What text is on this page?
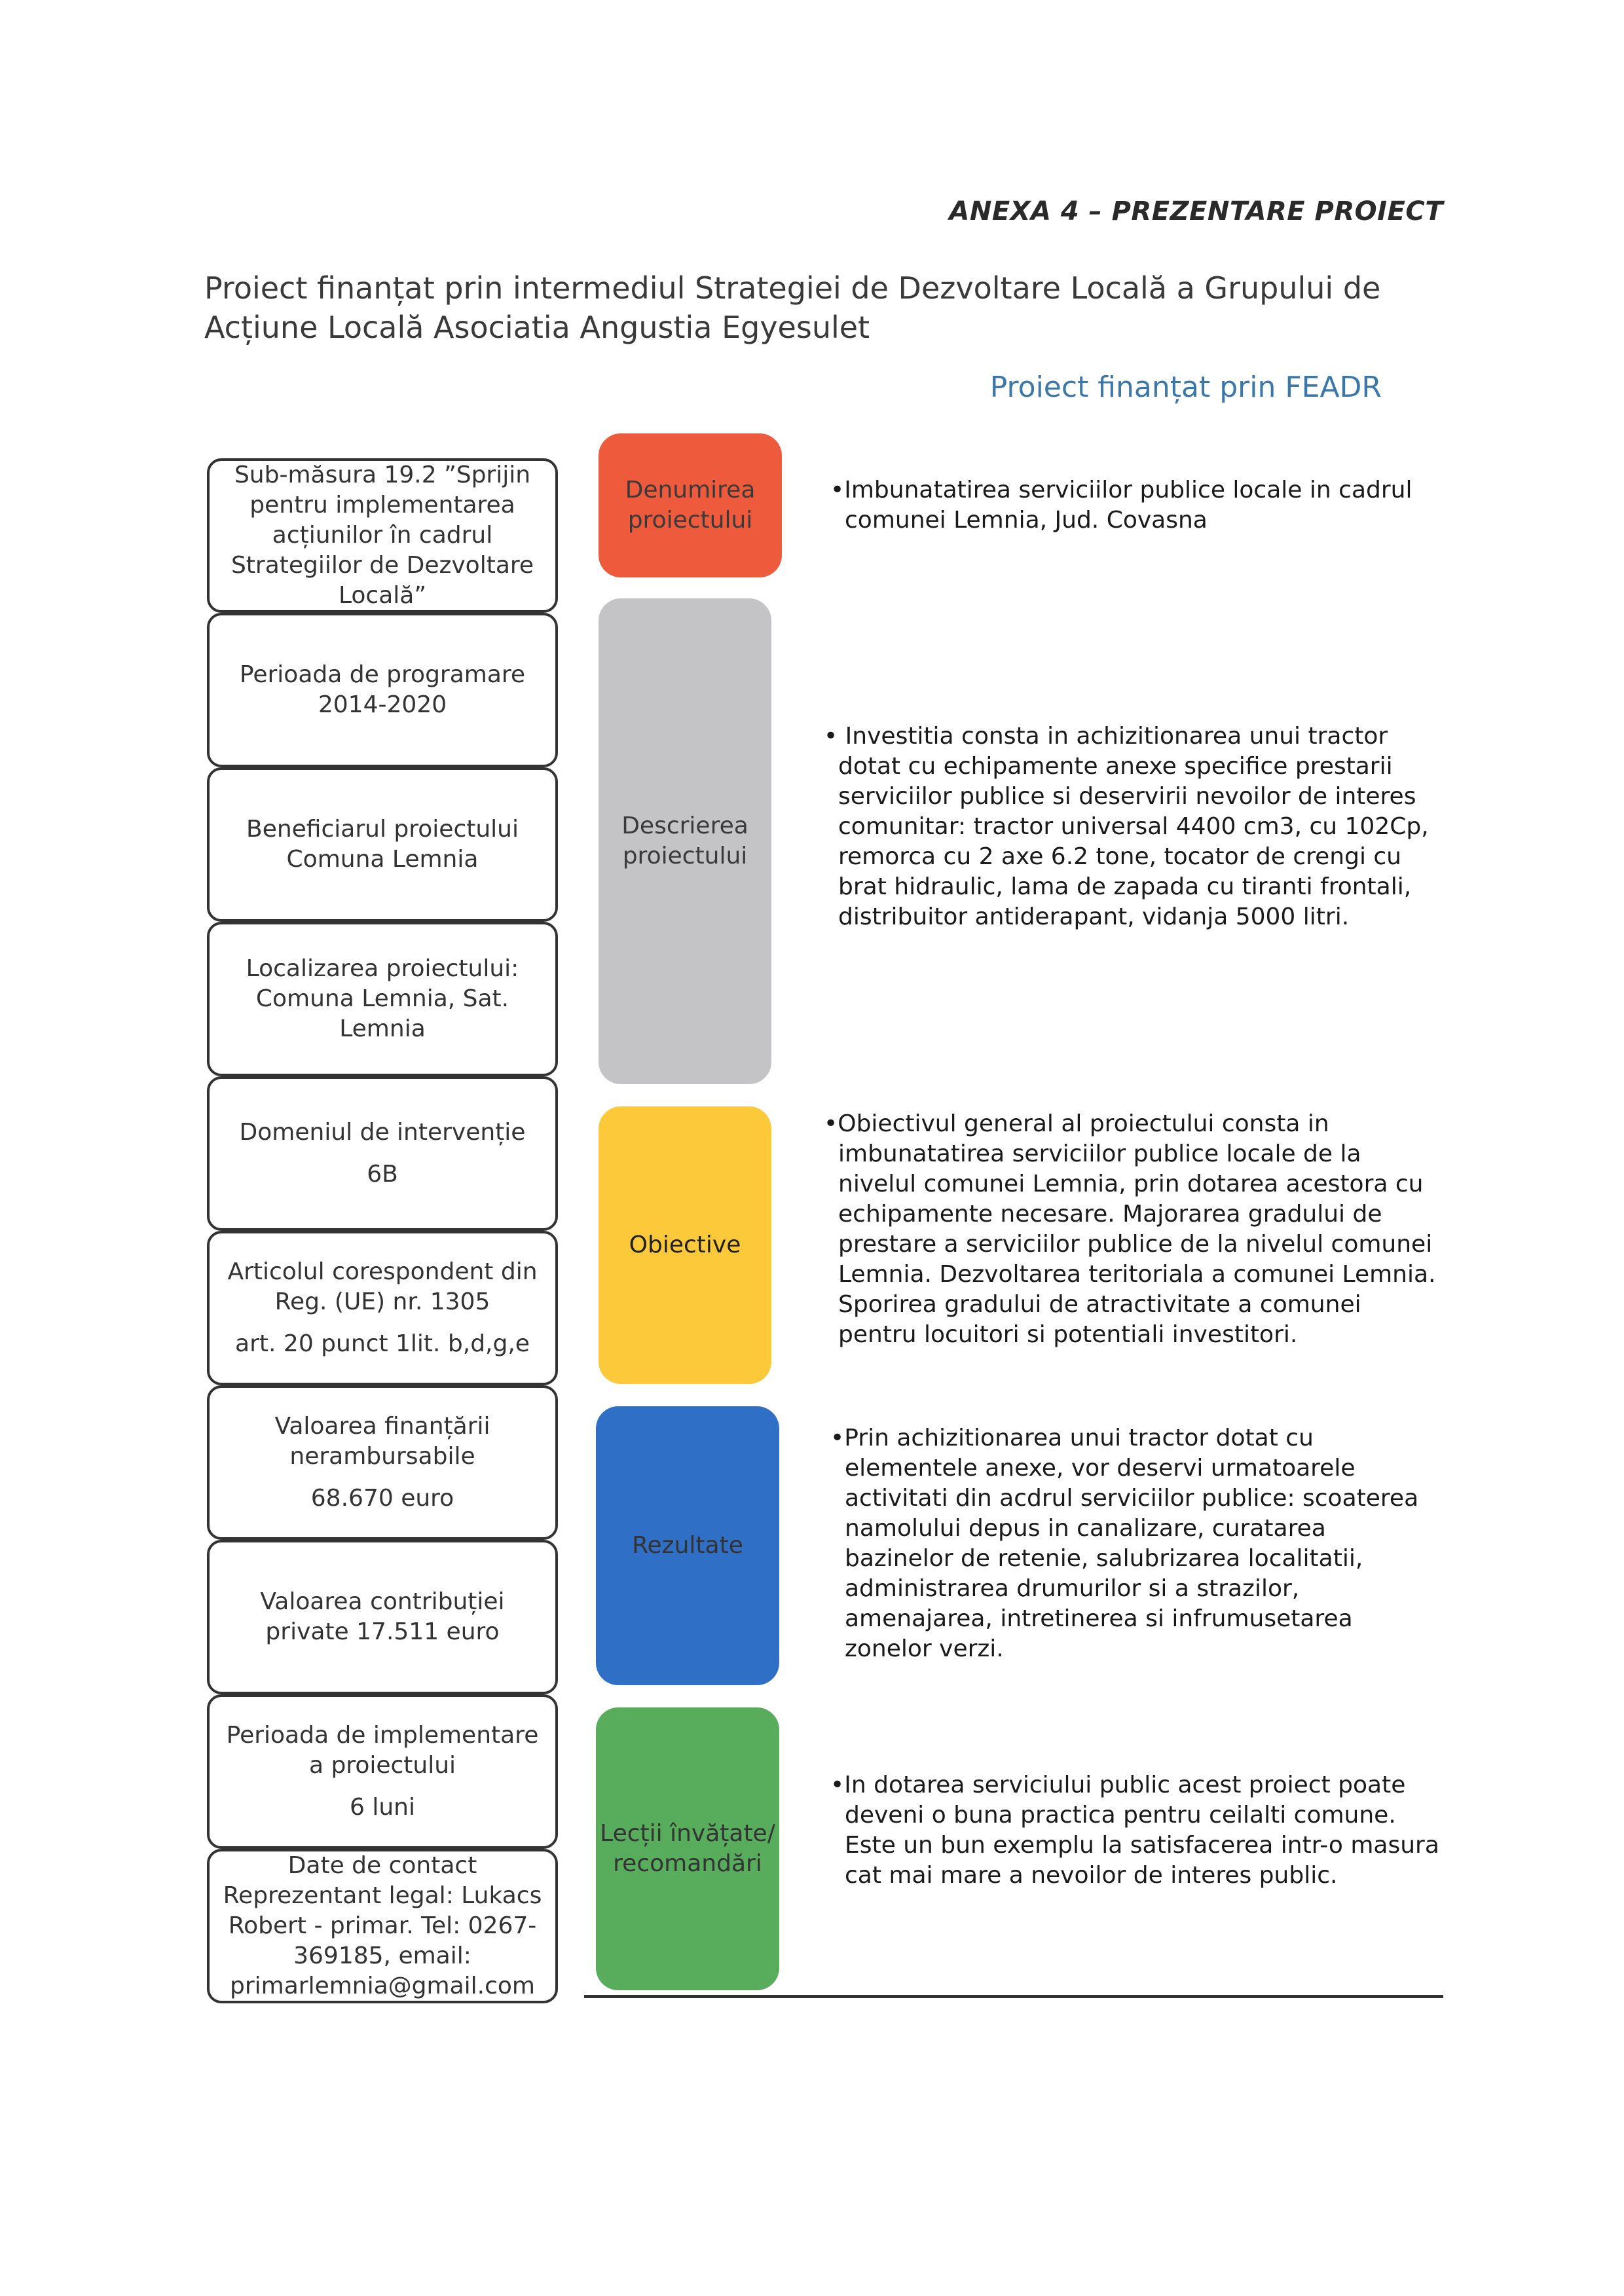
ANEXA 4 – PREZENTARE PROIECT
Proiect finanțat prin intermediul Strategiei de Dezvoltare Locală a Grupului de Acțiune Locală Asociatia Angustia Egyesulet
Proiect finanțat prin FEADR
Sub-măsura 19.2 ”Sprijin pentru implementarea acțiunilor în cadrul Strategiilor de Dezvoltare Locală”
Perioada de programare
2014-2020
Beneficiarul proiectului
Comuna Lemnia
Localizarea proiectului: Comuna Lemnia, Sat. Lemnia
Domeniul de intervenție
6B
Articolul corespondent din Reg. (UE) nr. 1305
art. 20 punct 1lit. b,d,g,e
Valoarea finanțării nerambursabile
68.670 euro
Valoarea contribuției private 17.511 euro
Perioada de implementare a proiectului
6 luni
Date de contact
Reprezentant legal: Lukacs Robert - primar. Tel: 0267-369185, email: primarlemnia@gmail.com
Denumirea proiectului
Descrierea proiectului
Obiective
Rezultate
Lecții învățate/ recomandări
•Imbunatatirea serviciilor publice locale in cadrul comunei Lemnia, Jud. Covasna
• Investitia consta in achizitionarea unui tractor dotat cu echipamente anexe specifice prestarii serviciilor publice si deservirii nevoilor de interes comunitar: tractor universal 4400 cm3, cu 102Cp, remorca cu 2 axe 6.2 tone, tocator de crengi cu brat hidraulic, lama de zapada cu tiranti frontali, distribuitor antiderapant, vidanja 5000 litri.
•Obiectivul general al proiectului consta in imbunatatirea serviciilor publice locale de la nivelul comunei Lemnia, prin dotarea acestora cu echipamente necesare. Majorarea gradului de prestare a serviciilor publice de la nivelul comunei Lemnia. Dezvoltarea teritoriala a comunei Lemnia. Sporirea gradului de atractivitate a comunei pentru locuitori si potentiali investitori.
•Prin achizitionarea unui tractor dotat cu elementele anexe, vor deservi urmatoarele activitati din acdrul serviciilor publice: scoaterea namolului depus in canalizare, curatarea bazinelor de retenie, salubrizarea localitatii, administrarea drumurilor si a strazilor, amenajarea, intretinerea si infrumusetarea zonelor verzi.
•In dotarea serviciului public acest proiect poate deveni o buna practica pentru ceilalti comune. Este un bun exemplu la satisfacerea intr-o masura cat mai mare a nevoilor de interes public.
